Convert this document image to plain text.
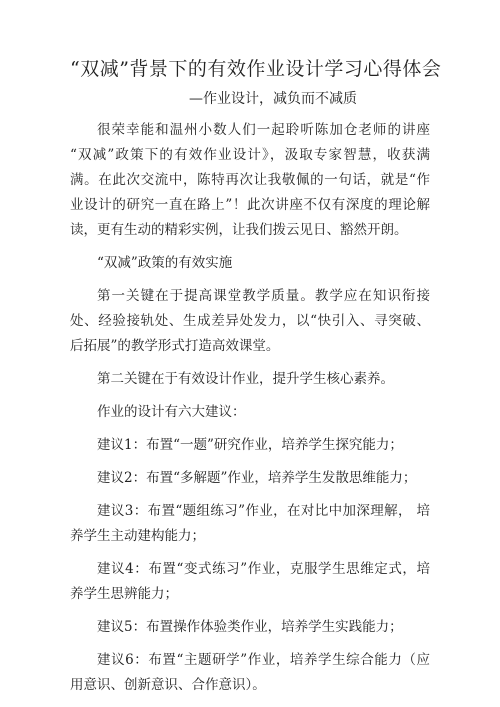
“双减”背景下的有效作业设计学习心得体会
—作业设计，减负而不减质

很荣幸能和温州小数人们一起聆听陈加仓老师的讲座 “双减”政策下的有效作业设计》，汲取专家智慧，收获满 满。在此次交流中，陈特再次让我敬佩的一句话，就是“作 业设计的研究一直在路上”！此次讲座不仅有深度的理论解 读，更有生动的精彩实例，让我们拨云见日、豁然开朗。

“双减”政策的有效实施

第一关键在于提高课堂教学质量。教学应在知识衔接 处、经验接轨处、生成差异处发力，以“快引入、寻突破、 后拓展”的教学形式打造高效课堂。

第二关键在于有效设计作业，提升学生核心素养。

作业的设计有六大建议：

建议1：布置“一题”研究作业，培养学生探究能力；

建议2：布置“多解题”作业，培养学生发散思维能力；

建议3：布置“题组练习”作业，在对比中加深理解， 培养学生主动建构能力；

建议4：布置“变式练习”作业，克服学生思维定式，培 养学生思辨能力；

建议5：布置操作体验类作业，培养学生实践能力；

建议6：布置“主题研学”作业，培养学生综合能力（应 用意识、创新意识、合作意识）。
